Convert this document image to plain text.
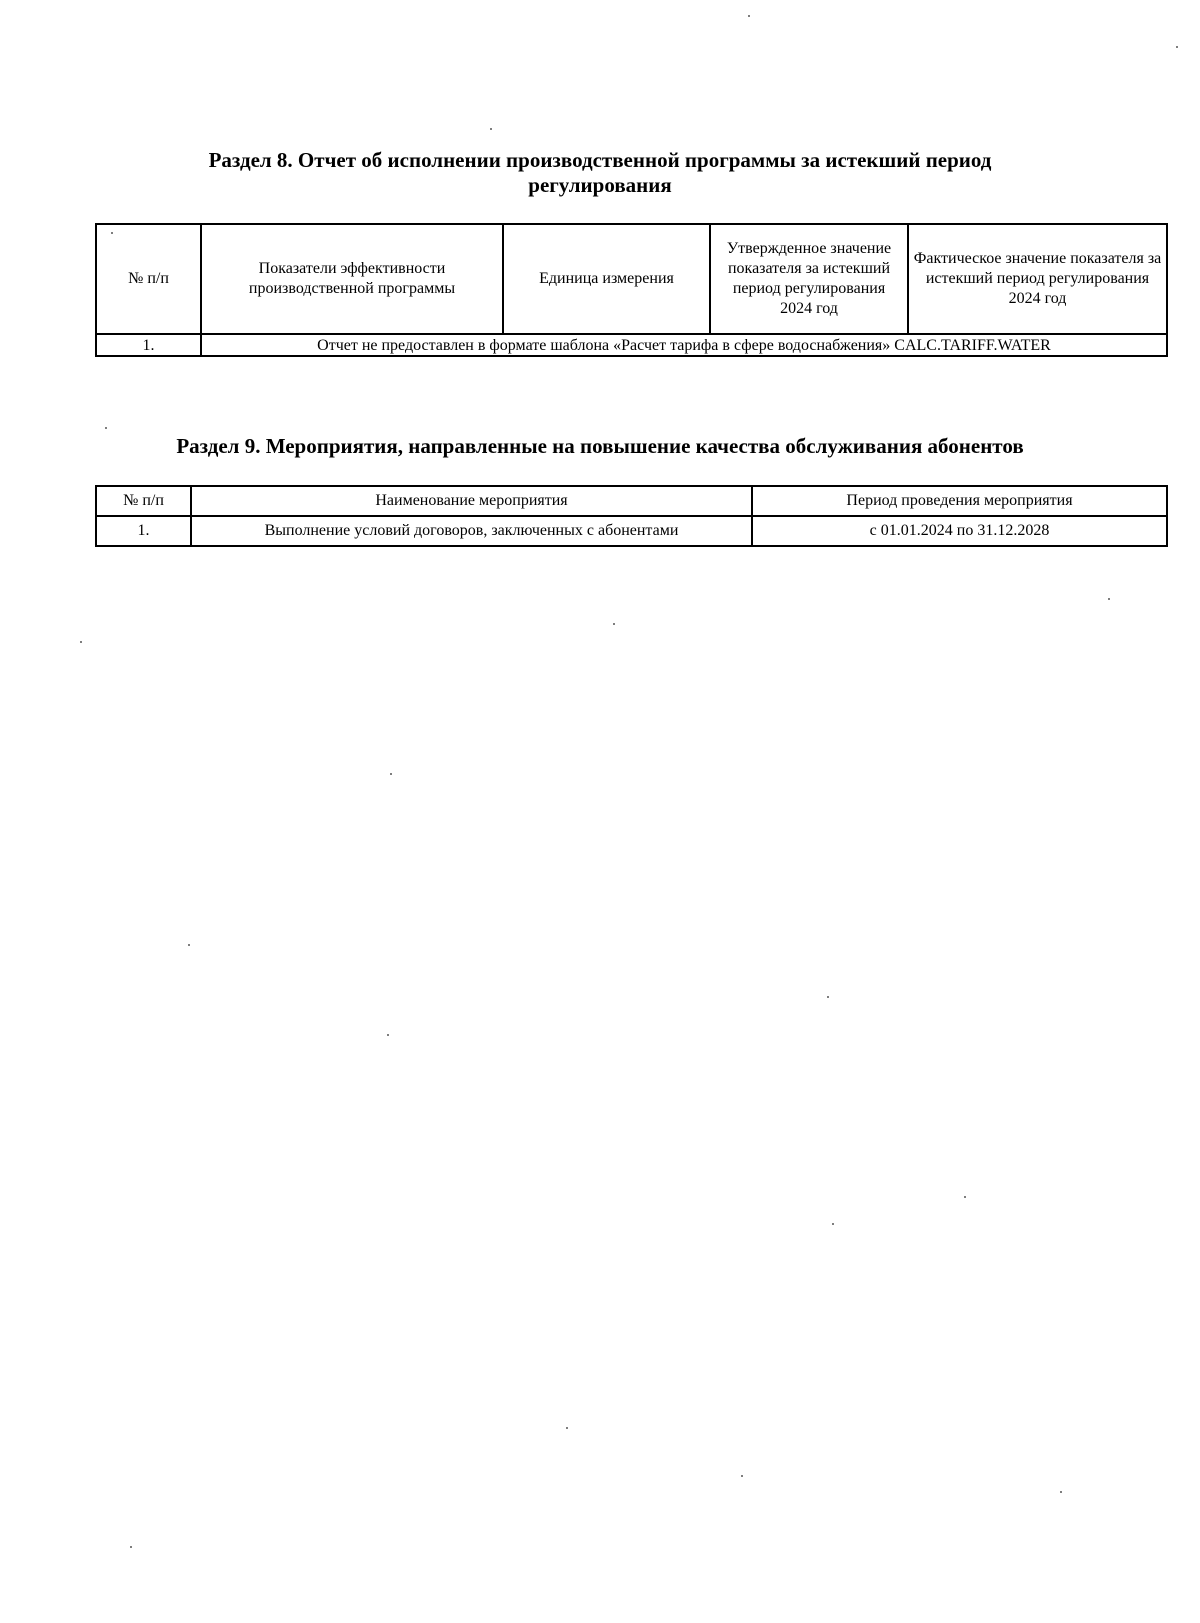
Раздел 8. Отчет об исполнении производственной программы за истекший период
регулирования
№ п/п	Показатели эффективности производственной программы	Единица измерения	Утвержденное значение показателя за истекший период регулирования 2024 год	Фактическое значение показателя за истекший период регулирования 2024 год
1.	Отчет не предоставлен в формате шаблона «Расчет тарифа в сфере водоснабжения» CALC.TARIFF.WATER			
Раздел 9. Мероприятия, направленные на повышение качества обслуживания абонентов
№ п/п	Наименование мероприятия	Период проведения мероприятия
1.	Выполнение условий договоров, заключенных с абонентами	с 01.01.2024 по 31.12.2028
